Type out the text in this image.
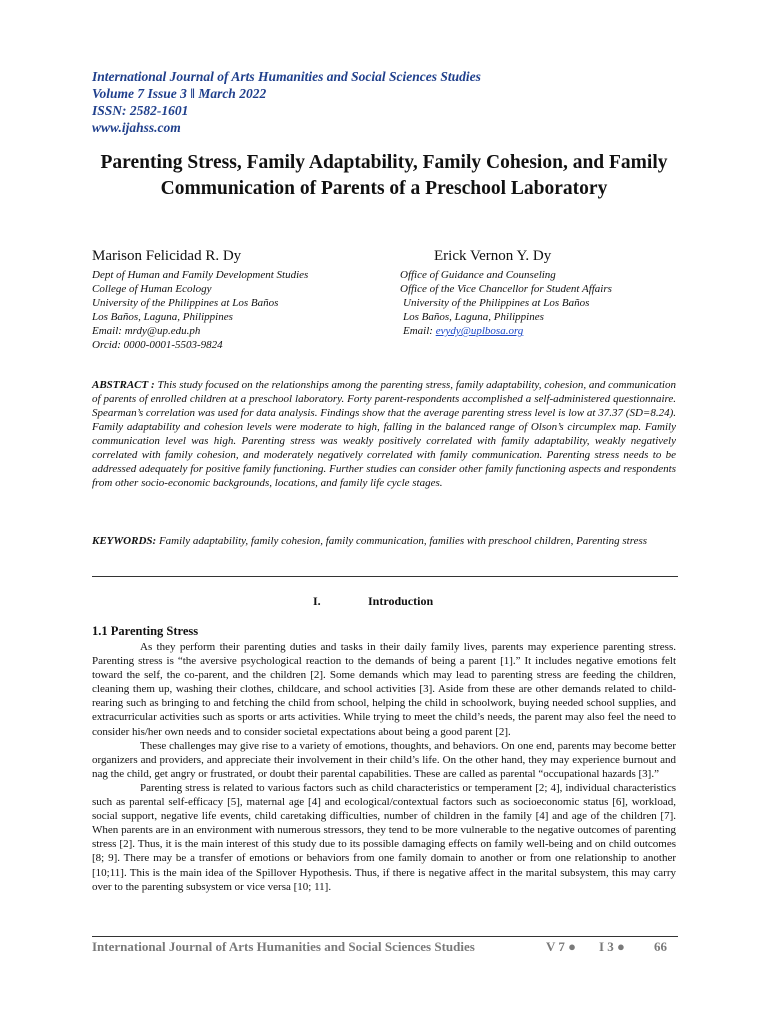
International Journal of Arts Humanities and Social Sciences Studies
Volume 7 Issue 3 ǁ March 2022
ISSN: 2582-1601
www.ijahss.com
Parenting Stress, Family Adaptability, Family Cohesion, and Family Communication of Parents of a Preschool Laboratory
Marison Felicidad R. Dy
Dept of Human and Family Development Studies
College of Human Ecology
University of the Philippines at Los Baños
Los Baños, Laguna, Philippines
Email: mrdy@up.edu.ph
Orcid: 0000-0001-5503-9824
Erick Vernon Y. Dy
Office of Guidance and Counseling
Office of the Vice Chancellor for Student Affairs
University of the Philippines at Los Baños
Los Baños, Laguna, Philippines
Email: evydy@uplbosa.org
ABSTRACT : This study focused on the relationships among the parenting stress, family adaptability, cohesion, and communication of parents of enrolled children at a preschool laboratory. Forty parent-respondents accomplished a self-administered questionnaire. Spearman’s correlation was used for data analysis. Findings show that the average parenting stress level is low at 37.37 (SD=8.24). Family adaptability and cohesion levels were moderate to high, falling in the balanced range of Olson’s circumplex map. Family communication level was high. Parenting stress was weakly positively correlated with family adaptability, weakly negatively correlated with family cohesion, and moderately negatively correlated with family communication. Parenting stress needs to be addressed adequately for positive family functioning. Further studies can consider other family functioning aspects and respondents from other socio-economic backgrounds, locations, and family life cycle stages.
KEYWORDS: Family adaptability, family cohesion, family communication, families with preschool children, Parenting stress
I.	Introduction
1.1 Parenting Stress

As they perform their parenting duties and tasks in their daily family lives, parents may experience parenting stress. Parenting stress is “the aversive psychological reaction to the demands of being a parent [1].” It includes negative emotions felt toward the self, the co-parent, and the children [2]. Some demands which may lead to parenting stress are feeding the children, cleaning them up, washing their clothes, childcare, and school activities [3]. Aside from these are other demands related to child-rearing such as bringing to and fetching the child from school, helping the child in schoolwork, buying needed school supplies, and extracurricular activities such as sports or arts activities. While trying to meet the child’s needs, the parent may also feel the need to consider his/her own needs and to consider societal expectations about being a good parent [2].

These challenges may give rise to a variety of emotions, thoughts, and behaviors. On one end, parents may become better organizers and providers, and appreciate their involvement in their child’s life. On the other hand, they may experience burnout and nag the child, get angry or frustrated, or doubt their parental capabilities. These are called as parental “occupational hazards [3].”

Parenting stress is related to various factors such as child characteristics or temperament [2; 4], individual characteristics such as parental self-efficacy [5], maternal age [4] and ecological/contextual factors such as socioeconomic status [6], workload, social support, negative life events, child caretaking difficulties, number of children in the family [4] and age of the children [7]. When parents are in an environment with numerous stressors, they tend to be more vulnerable to the negative outcomes of parenting stress [2]. Thus, it is the main interest of this study due to its possible damaging effects on family well-being and on child outcomes [8; 9]. There may be a transfer of emotions or behaviors from one family domain to another or from one relationship to another [10;11]. This is the main idea of the Spillover Hypothesis. Thus, if there is negative affect in the marital subsystem, this may carry over to the parenting subsystem or vice versa [10; 11].

International Journal of Arts Humanities and Social Sciences Studies	V 7 ● I 3 ● 66
